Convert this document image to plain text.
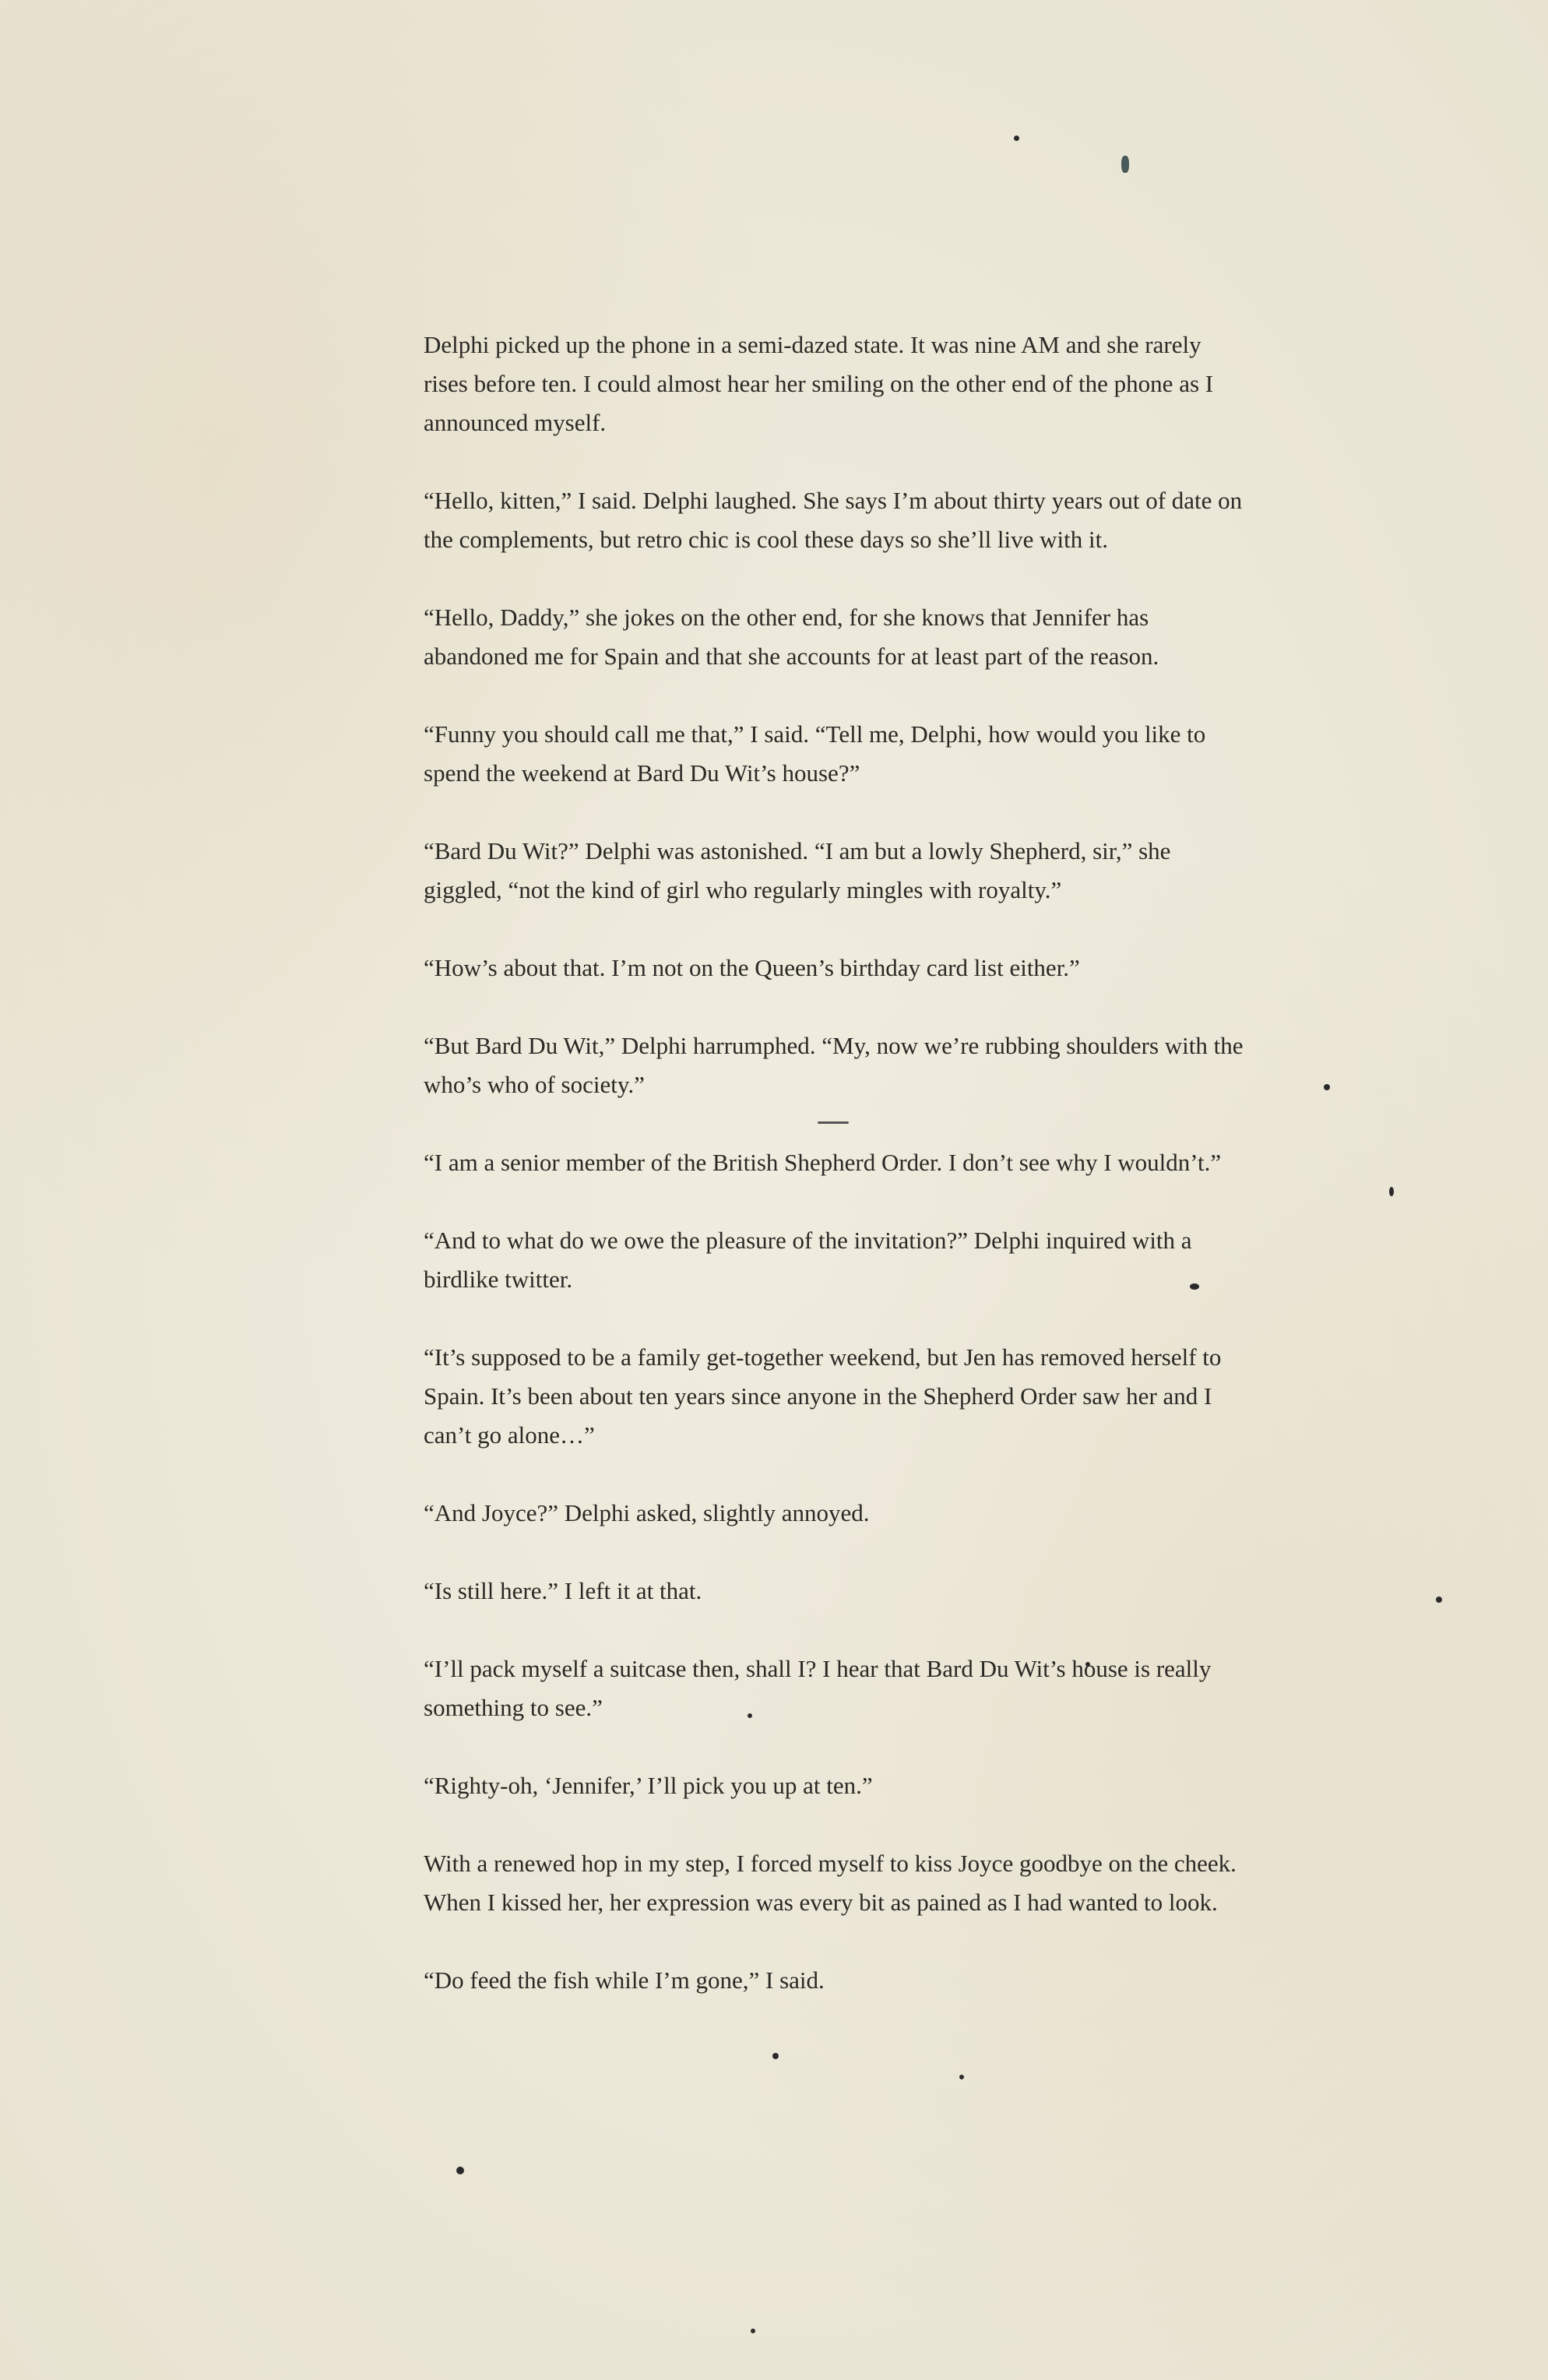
Delphi picked up the phone in a semi-dazed state. It was nine AM and she rarely rises before ten. I could almost hear her smiling on the other end of the phone as I announced myself.

“Hello, kitten,” I said. Delphi laughed. She says I’m about thirty years out of date on the complements, but retro chic is cool these days so she’ll live with it.

“Hello, Daddy,” she jokes on the other end, for she knows that Jennifer has abandoned me for Spain and that she accounts for at least part of the reason.

“Funny you should call me that,” I said. “Tell me, Delphi, how would you like to spend the weekend at Bard Du Wit’s house?”

“Bard Du Wit?” Delphi was astonished. “I am but a lowly Shepherd, sir,” she giggled, “not the kind of girl who regularly mingles with royalty.”

“How’s about that. I’m not on the Queen’s birthday card list either.”

“But Bard Du Wit,” Delphi harrumphed. “My, now we’re rubbing shoulders with the who’s who of society.”

“I am a senior member of the British Shepherd Order. I don’t see why I wouldn’t.”

“And to what do we owe the pleasure of the invitation?” Delphi inquired with a birdlike twitter.

“It’s supposed to be a family get-together weekend, but Jen has removed herself to Spain. It’s been about ten years since anyone in the Shepherd Order saw her and I can’t go alone…”

“And Joyce?” Delphi asked, slightly annoyed.

“Is still here.” I left it at that.

“I’ll pack myself a suitcase then, shall I? I hear that Bard Du Wit’s house is really something to see.”

“Righty-oh, ‘Jennifer,’ I’ll pick you up at ten.”

With a renewed hop in my step, I forced myself to kiss Joyce goodbye on the cheek. When I kissed her, her expression was every bit as pained as I had wanted to look.

“Do feed the fish while I’m gone,” I said.
